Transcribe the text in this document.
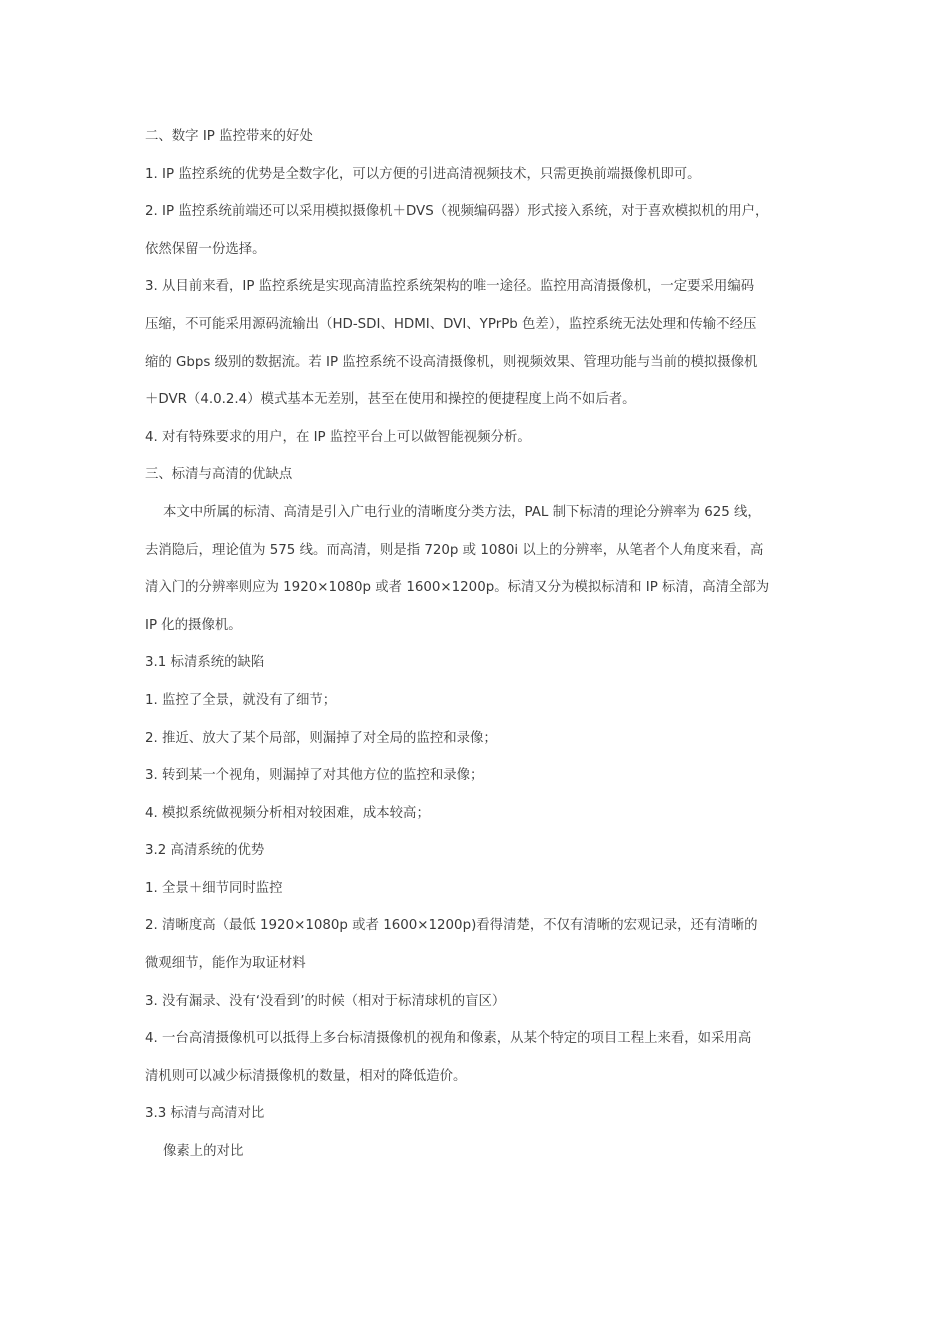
二、数字 IP 监控带来的好处
1. IP 监控系统的优势是全数字化，可以方便的引进高清视频技术，只需更换前端摄像机即可。
2. IP 监控系统前端还可以采用模拟摄像机＋DVS（视频编码器）形式接入系统，对于喜欢模拟机的用户，
依然保留一份选择。
3. 从目前来看，IP 监控系统是实现高清监控系统架构的唯一途径。监控用高清摄像机，一定要采用编码
压缩，不可能采用源码流输出（HD-SDI、HDMI、DVI、YPrPb 色差），监控系统无法处理和传输不经压
缩的 Gbps 级别的数据流。若 IP 监控系统不设高清摄像机，则视频效果、管理功能与当前的模拟摄像机
＋DVR（4.0.2.4）模式基本无差别，甚至在使用和操控的便捷程度上尚不如后者。
4. 对有特殊要求的用户，在 IP 监控平台上可以做智能视频分析。
三、标清与高清的优缺点
本文中所属的标清、高清是引入广电行业的清晰度分类方法，PAL 制下标清的理论分辨率为 625 线，
去消隐后，理论值为 575 线。而高清，则是指 720p 或 1080i 以上的分辨率，从笔者个人角度来看，高
清入门的分辨率则应为 1920×1080p 或者 1600×1200p。标清又分为模拟标清和 IP 标清，高清全部为
IP 化的摄像机。
3.1 标清系统的缺陷
1. 监控了全景，就没有了细节；
2. 推近、放大了某个局部，则漏掉了对全局的监控和录像；
3. 转到某一个视角，则漏掉了对其他方位的监控和录像；
4. 模拟系统做视频分析相对较困难，成本较高；
3.2 高清系统的优势
1. 全景＋细节同时监控
2. 清晰度高（最低 1920×1080p 或者 1600×1200p)看得清楚，不仅有清晰的宏观记录，还有清晰的
微观细节，能作为取证材料
3. 没有漏录、没有‘没看到’的时候（相对于标清球机的盲区）
4. 一台高清摄像机可以抵得上多台标清摄像机的视角和像素，从某个特定的项目工程上来看，如采用高
清机则可以减少标清摄像机的数量，相对的降低造价。
3.3 标清与高清对比
像素上的对比
